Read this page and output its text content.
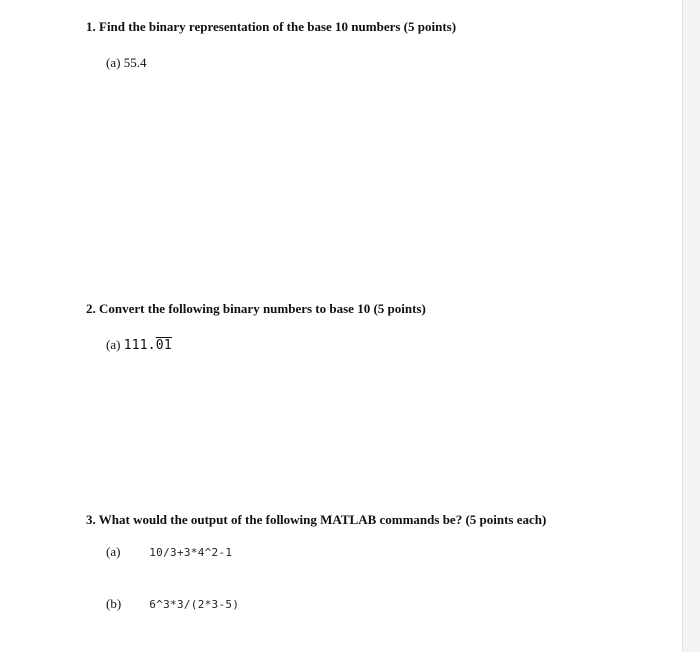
1. Find the binary representation of the base 10 numbers (5 points)
(a) 55.4
2. Convert the following binary numbers to base 10 (5 points)
(a) 111.01
3. What would the output of the following MATLAB commands be? (5 points each)
(a)	10/3+3*4^2-1
(b)	6^3*3/(2*3-5)
